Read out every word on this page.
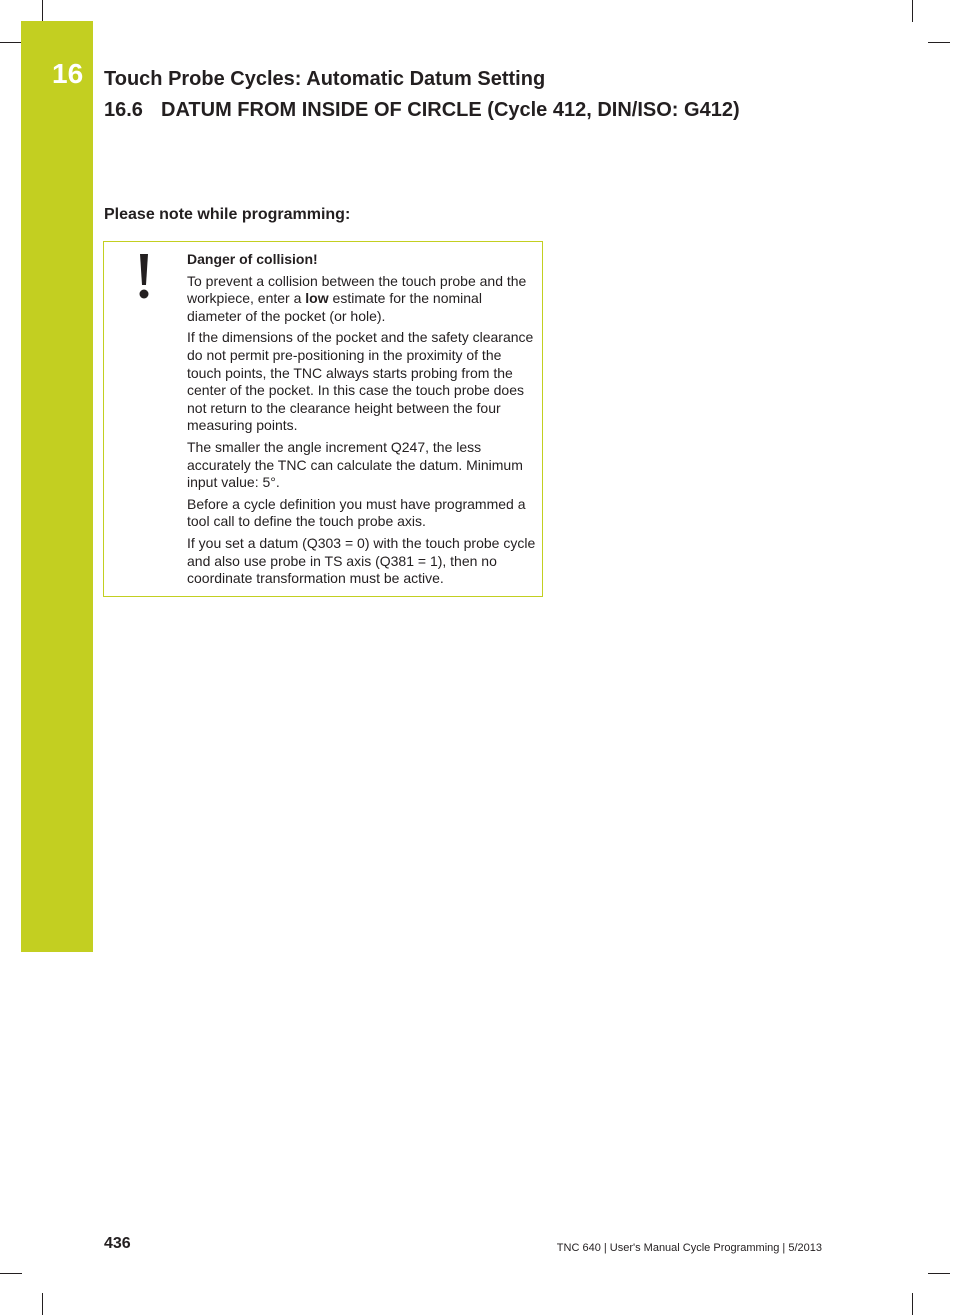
16 Touch Probe Cycles: Automatic Datum Setting
16.6 DATUM FROM INSIDE OF CIRCLE (Cycle 412, DIN/ISO: G412)
Please note while programming:

Danger of collision!

To prevent a collision between the touch probe and the workpiece, enter a low estimate for the nominal diameter of the pocket (or hole).

If the dimensions of the pocket and the safety clearance do not permit pre-positioning in the proximity of the touch points, the TNC always starts probing from the center of the pocket. In this case the touch probe does not return to the clearance height between the four measuring points.

The smaller the angle increment Q247, the less accurately the TNC can calculate the datum. Minimum input value: 5°.

Before a cycle definition you must have programmed a tool call to define the touch probe axis.

If you set a datum (Q303 = 0) with the touch probe cycle and also use probe in TS axis (Q381 = 1), then no coordinate transformation must be active.

436	TNC 640 | User's Manual Cycle Programming | 5/2013
